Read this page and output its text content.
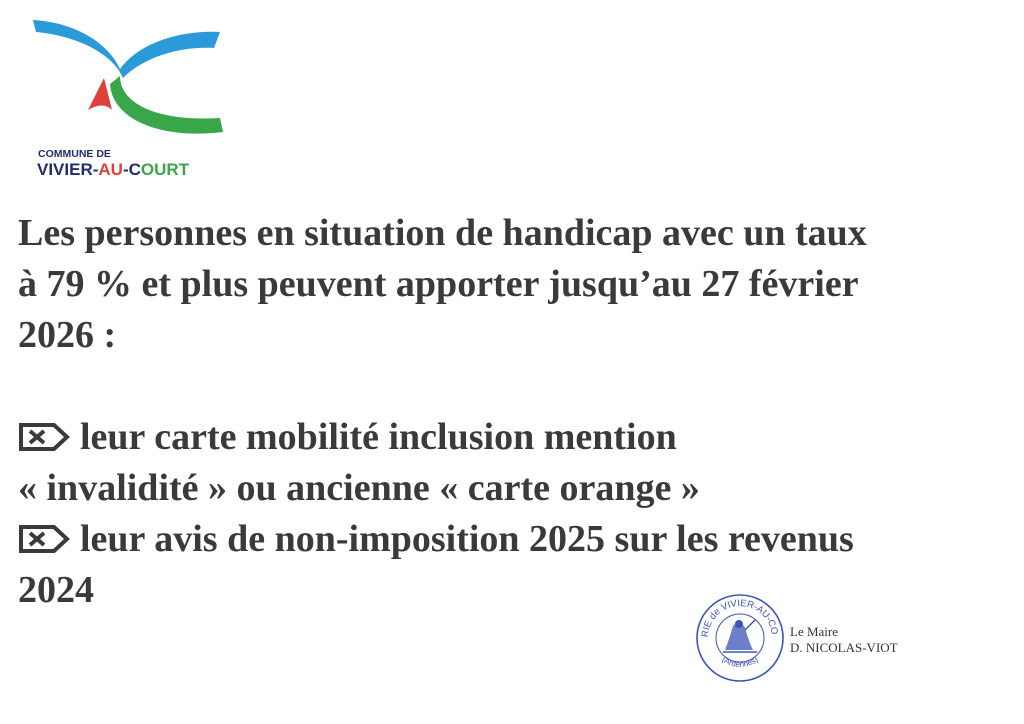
COMMUNE DE
VIVIER-AU-COURT

Les personnes en situation de handicap avec un taux

à 79 % et plus peuvent apporter jusqu’au 27 février

2026 :

leur carte mobilité inclusion mention

« invalidité » ou ancienne « carte orange »

leur avis de non-imposition 2025 sur les revenus

2024

RIE de VIVIER-AU-CO
(Ardennes)
Le Maire
D. NICOLAS-VIOT
